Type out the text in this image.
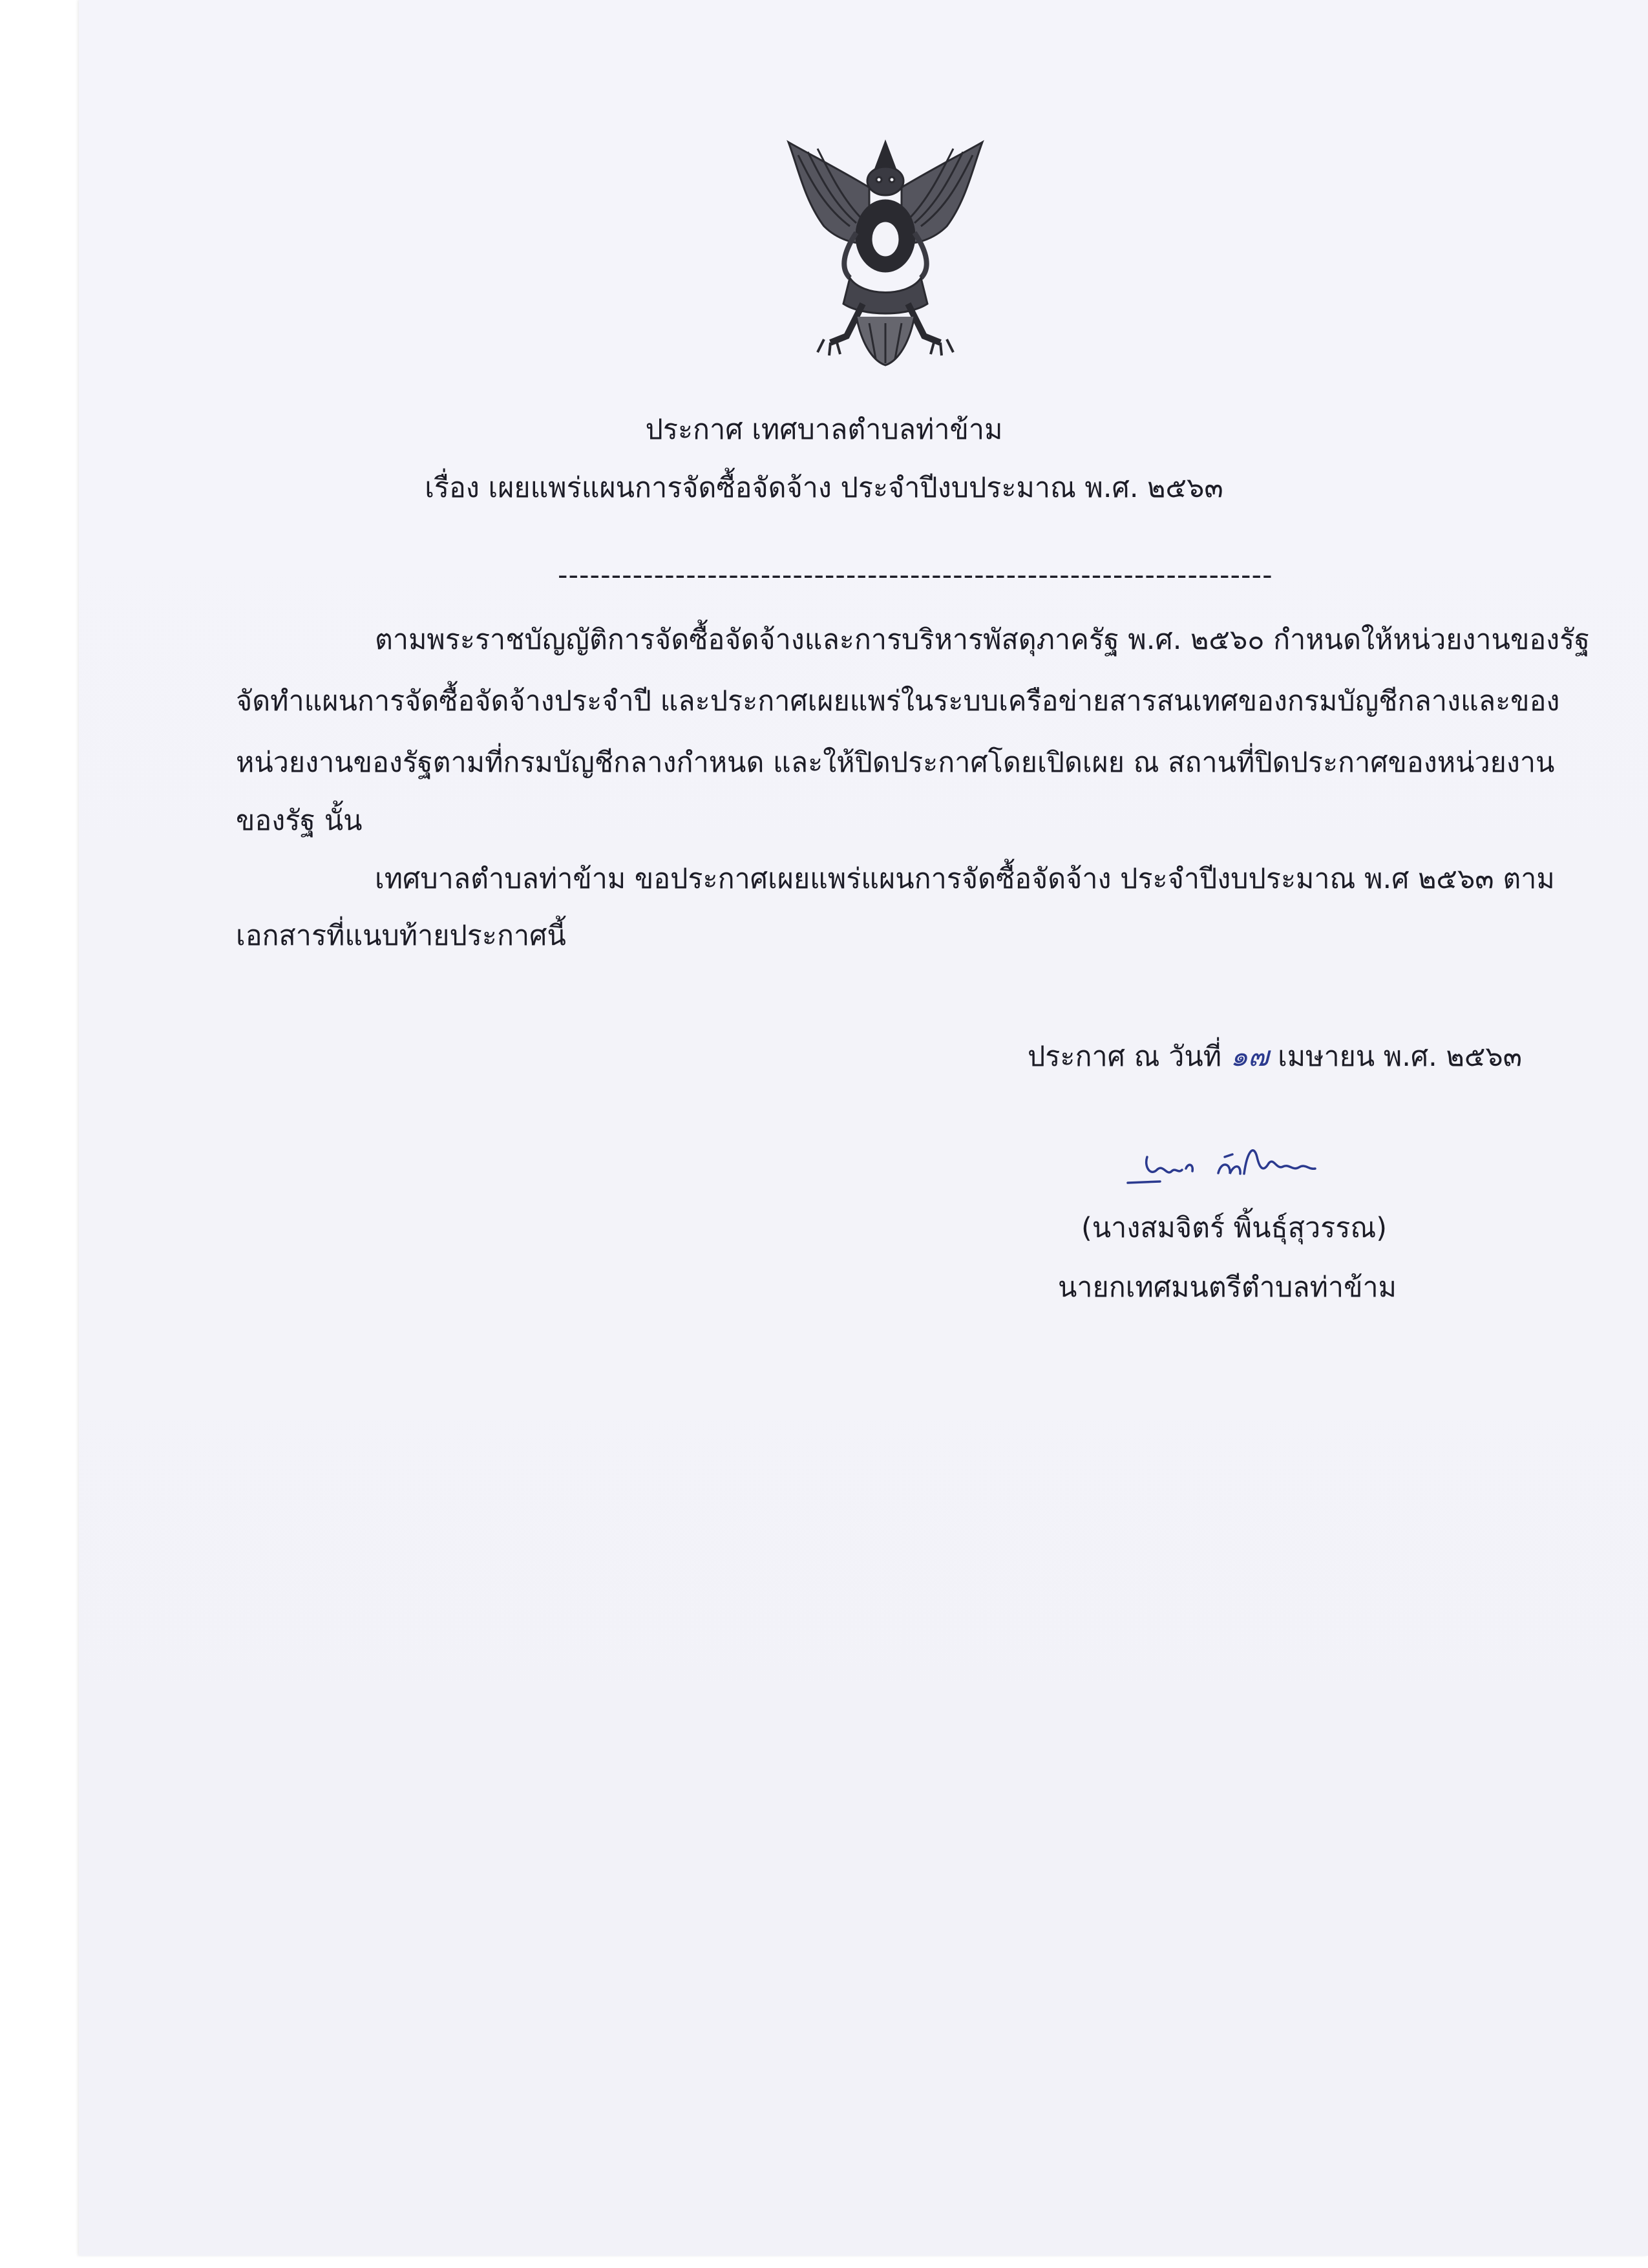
ประกาศ เทศบาลตำบลท่าข้าม
เรื่อง เผยแพร่แผนการจัดซื้อจัดจ้าง ประจำปีงบประมาณ พ.ศ. ๒๕๖๓
-------------------------------------------------------------------
ตามพระราชบัญญัติการจัดซื้อจัดจ้างและการบริหารพัสดุภาครัฐ พ.ศ. ๒๕๖๐ กำหนดให้หน่วยงานของรัฐ
จัดทำแผนการจัดซื้อจัดจ้างประจำปี และประกาศเผยแพร่ในระบบเครือข่ายสารสนเทศของกรมบัญชีกลางและของ
หน่วยงานของรัฐตามที่กรมบัญชีกลางกำหนด และให้ปิดประกาศโดยเปิดเผย ณ สถานที่ปิดประกาศของหน่วยงาน
ของรัฐ นั้น
เทศบาลตำบลท่าข้าม ขอประกาศเผยแพร่แผนการจัดซื้อจัดจ้าง ประจำปีงบประมาณ พ.ศ ๒๕๖๓ ตาม
เอกสารที่แนบท้ายประกาศนี้
ประกาศ ณ วันที่ ๑๗ เมษายน พ.ศ. ๒๕๖๓
(นางสมจิตร์ พิ้นธุ์สุวรรณ)
นายกเทศมนตรีตำบลท่าข้าม
